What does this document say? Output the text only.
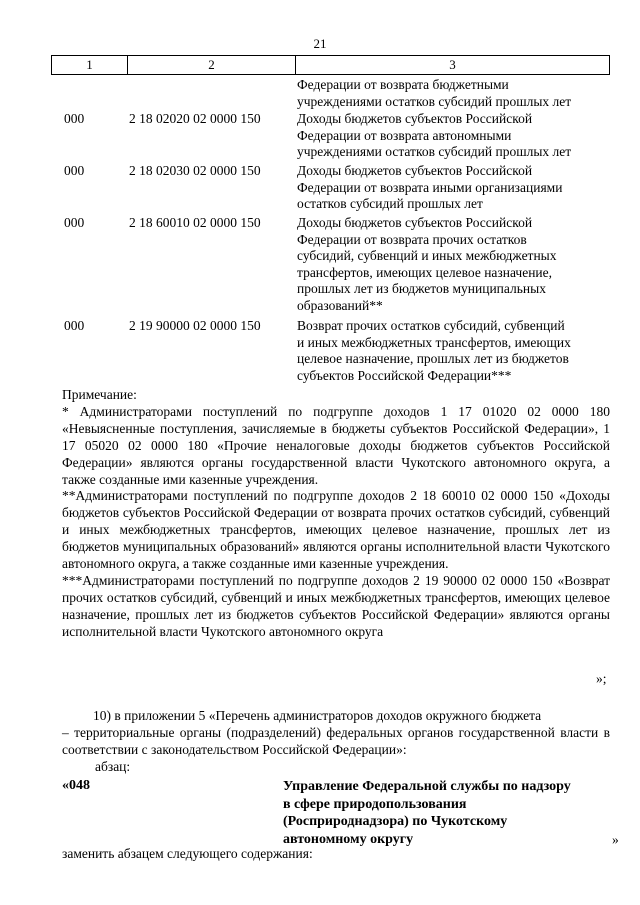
21
1	2	3
Федерации от возврата бюджетными
учреждениями остатков субсидий прошлых лет
000	2 18 02020 02 0000 150	Доходы бюджетов субъектов Российской
Федерации от возврата автономными
учреждениями остатков субсидий прошлых лет
000	2 18 02030 02 0000 150	Доходы бюджетов субъектов Российской
Федерации от возврата иными организациями
остатков субсидий прошлых лет
000	2 18 60010 02 0000 150	Доходы бюджетов субъектов Российской
Федерации от возврата прочих остатков
субсидий, субвенций и иных межбюджетных
трансфертов, имеющих целевое назначение,
прошлых лет из бюджетов муниципальных
образований**
000	2 19 90000 02 0000 150	Возврат прочих остатков субсидий, субвенций
и иных межбюджетных трансфертов, имеющих
целевое назначение, прошлых лет из бюджетов
субъектов Российской Федерации***

Примечание:

* Администраторами поступлений по подгруппе доходов 1 17 01020 02 0000 180 «Невыясненные поступления, зачисляемые в бюджеты субъектов Российской Федерации», 1 17 05020 02 0000 180 «Прочие неналоговые доходы бюджетов субъектов Российской Федерации» являются органы государственной власти Чукотского автономного округа, а также созданные ими казенные учреждения.

**Администраторами поступлений по подгруппе доходов 2 18 60010 02 0000 150 «Доходы бюджетов субъектов Российской Федерации от возврата прочих остатков субсидий, субвенций и иных межбюджетных трансфертов, имеющих целевое назначение, прошлых лет из бюджетов муниципальных образований» являются органы исполнительной власти Чукотского автономного округа, а также созданные ими казенные учреждения.

***Администраторами поступлений по подгруппе доходов 2 19 90000 02 0000 150 «Возврат прочих остатков субсидий, субвенций и иных межбюджетных трансфертов, имеющих целевое назначение, прошлых лет из бюджетов субъектов Российской Федерации» являются органы исполнительной власти Чукотского автономного округа

»;
10) в приложении 5 «Перечень администраторов доходов окружного бюджета
– территориальные органы (подразделений) федеральных органов государственной власти в соответствии с законодательством Российской Федерации»:
абзац:
«048	Управление Федеральной службы по надзору
в сфере природопользования
(Росприроднадзора) по Чукотскому
автономному округу	»
заменить абзацем следующего содержания:
